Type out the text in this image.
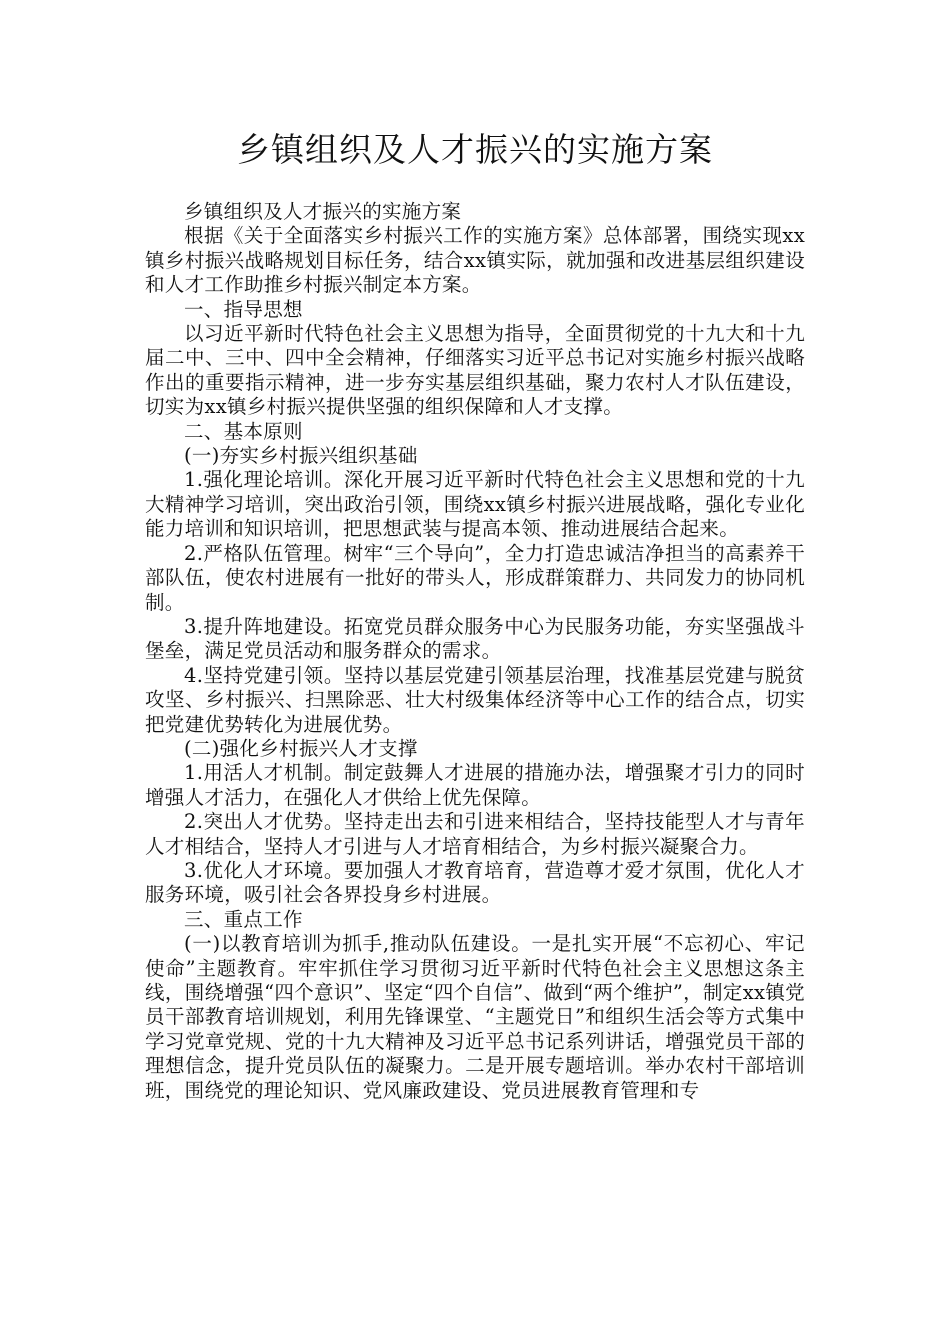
乡镇组织及人才振兴的实施方案

乡镇组织及人才振兴的实施方案

根据《关于全面落实乡村振兴工作的实施方案》总体部署，围绕实现xx镇乡村振兴战略规划目标任务，结合xx镇实际，就加强和改进基层组织建设和人才工作助推乡村振兴制定本方案。

一、指导思想

以习近平新时代特色社会主义思想为指导，全面贯彻党的十九大和十九届二中、三中、四中全会精神，仔细落实习近平总书记对实施乡村振兴战略作出的重要指示精神，进一步夯实基层组织基础，聚力农村人才队伍建设，切实为xx镇乡村振兴提供坚强的组织保障和人才支撑。

二、基本原则

(一)夯实乡村振兴组织基础

1.强化理论培训。深化开展习近平新时代特色社会主义思想和党的十九大精神学习培训，突出政治引领，围绕xx镇乡村振兴进展战略，强化专业化能力培训和知识培训，把思想武装与提高本领、推动进展结合起来。

2.严格队伍管理。树牢“三个导向”，全力打造忠诚洁净担当的高素养干部队伍，使农村进展有一批好的带头人，形成群策群力、共同发力的协同机制。

3.提升阵地建设。拓宽党员群众服务中心为民服务功能，夯实坚强战斗堡垒，满足党员活动和服务群众的需求。

4.坚持党建引领。坚持以基层党建引领基层治理，找准基层党建与脱贫攻坚、乡村振兴、扫黑除恶、壮大村级集体经济等中心工作的结合点，切实把党建优势转化为进展优势。

(二)强化乡村振兴人才支撑

1.用活人才机制。制定鼓舞人才进展的措施办法，增强聚才引力的同时增强人才活力，在强化人才供给上优先保障。

2.突出人才优势。坚持走出去和引进来相结合，坚持技能型人才与青年人才相结合，坚持人才引进与人才培育相结合，为乡村振兴凝聚合力。

3.优化人才环境。要加强人才教育培育，营造尊才爱才氛围，优化人才服务环境，吸引社会各界投身乡村进展。

三、重点工作

(一)以教育培训为抓手,推动队伍建设。一是扎实开展“不忘初心、牢记使命”主题教育。牢牢抓住学习贯彻习近平新时代特色社会主义思想这条主线，围绕增强“四个意识”、坚定“四个自信”、做到“两个维护”，制定xx镇党员干部教育培训规划，利用先锋课堂、“主题党日”和组织生活会等方式集中学习党章党规、党的十九大精神及习近平总书记系列讲话，增强党员干部的理想信念，提升党员队伍的凝聚力。二是开展专题培训。举办农村干部培训班，围绕党的理论知识、党风廉政建设、党员进展教育管理和专
